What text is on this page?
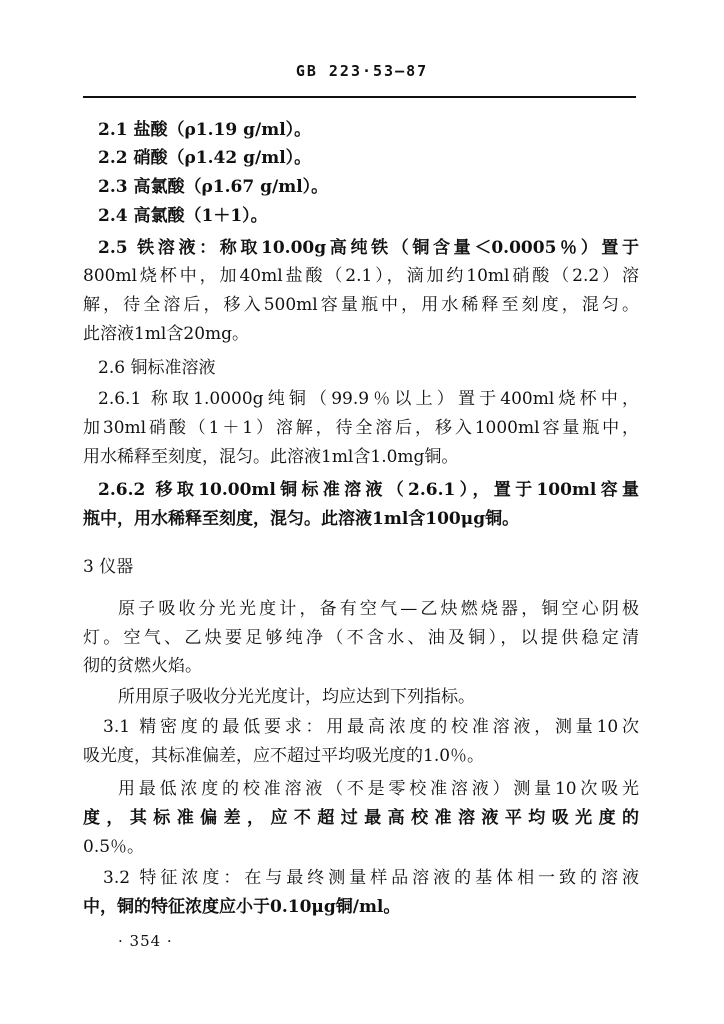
GB 223·53—87
2.1 盐酸（ρ1.19 g/ml）。
2.2 硝酸（ρ1.42 g/ml）。
2.3 高氯酸（ρ1.67 g/ml）。
2.4 高氯酸（1＋1）。
2.5 铁溶液：称取10.00g高纯铁（铜含量＜0.0005％）置于
800ml烧杯中，加40ml盐酸（2.1），滴加约10ml硝酸（2.2）溶
解，待全溶后，移入500ml容量瓶中，用水稀释至刻度，混匀。
此溶液1ml含20mg。
2.6 铜标准溶液
2.6.1 称取1.0000g纯铜（99.9％以上）置于400ml烧杯中，
加30ml硝酸（1＋1）溶解，待全溶后，移入1000ml容量瓶中，
用水稀释至刻度，混匀。此溶液1ml含1.0mg铜。
2.6.2 移取10.00ml铜标准溶液（2.6.1），置于100ml容量
瓶中，用水稀释至刻度，混匀。此溶液1ml含100μg铜。
3 仪器
原子吸收分光光度计，备有空气—乙炔燃烧器，铜空心阴极
灯。空气、乙炔要足够纯净（不含水、油及铜），以提供稳定清
彻的贫燃火焰。
所用原子吸收分光光度计，均应达到下列指标。
3.1 精密度的最低要求：用最高浓度的校准溶液，测量10次
吸光度，其标准偏差，应不超过平均吸光度的1.0％。
用最低浓度的校准溶液（不是零校准溶液）测量10次吸光
度，其标准偏差，应不超过最高校准溶液平均吸光度的
0.5％。
3.2 特征浓度：在与最终测量样品溶液的基体相一致的溶液
中，铜的特征浓度应小于0.10μg铜/ml。
· 354 ·
